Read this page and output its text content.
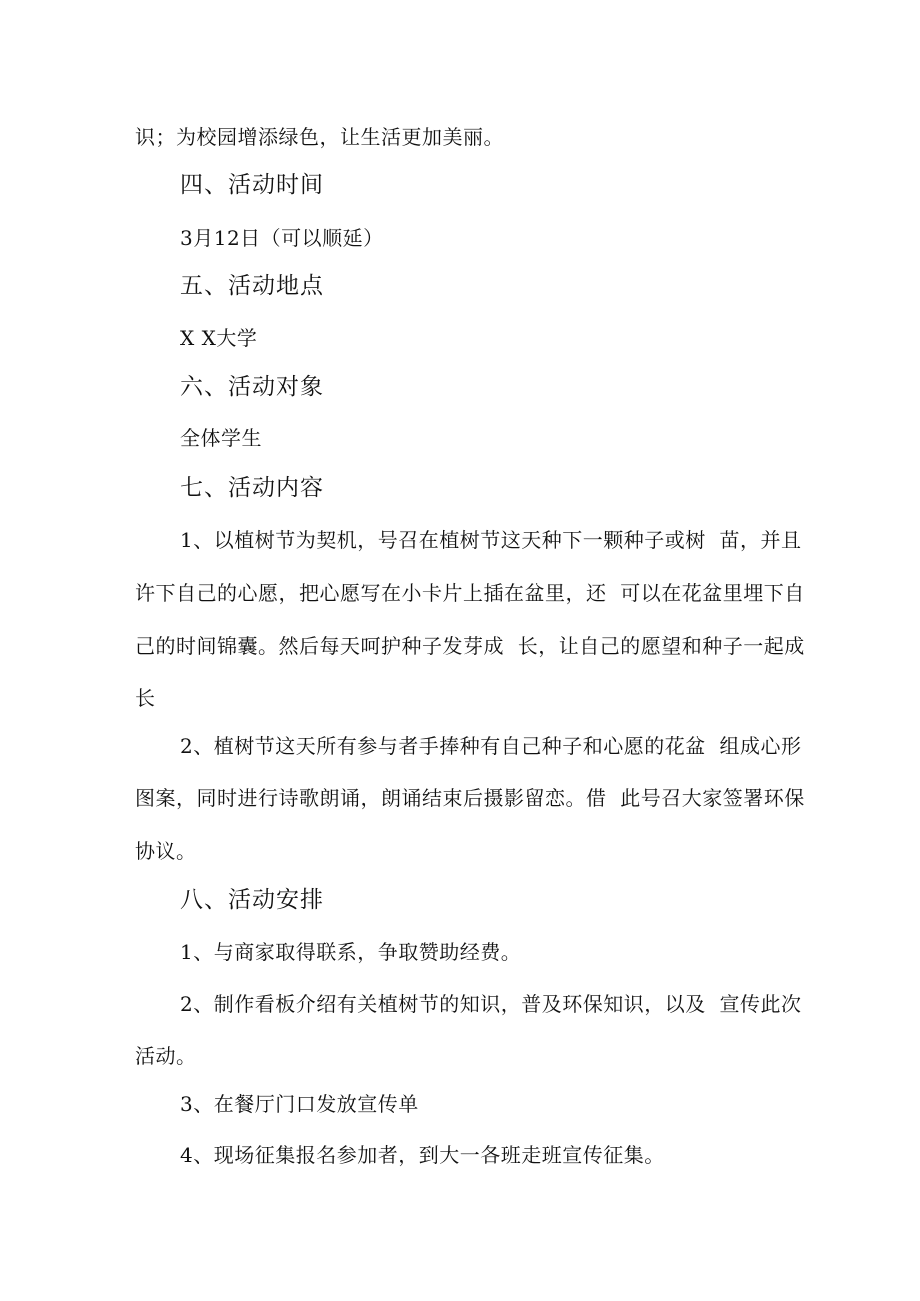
识；为校园增添绿色，让生活更加美丽。
四、活动时间
3月12日（可以顺延）
五、活动地点
X X大学
六、活动对象
全体学生
七、活动内容
1、以植树节为契机，号召在植树节这天种下一颗种子或树  苗，并且
许下自己的心愿，把心愿写在小卡片上插在盆里，还  可以在花盆里埋下自
己的时间锦囊。然后每天呵护种子发芽成  长，让自己的愿望和种子一起成
长
2、植树节这天所有参与者手捧种有自己种子和心愿的花盆  组成心形
图案，同时进行诗歌朗诵，朗诵结束后摄影留恋。借  此号召大家签署环保
协议。
八、活动安排
1、与商家取得联系，争取赞助经费。
2、制作看板介绍有关植树节的知识，普及环保知识，以及  宣传此次
活动。
3、在餐厅门口发放宣传单
4、现场征集报名参加者，到大一各班走班宣传征集。
